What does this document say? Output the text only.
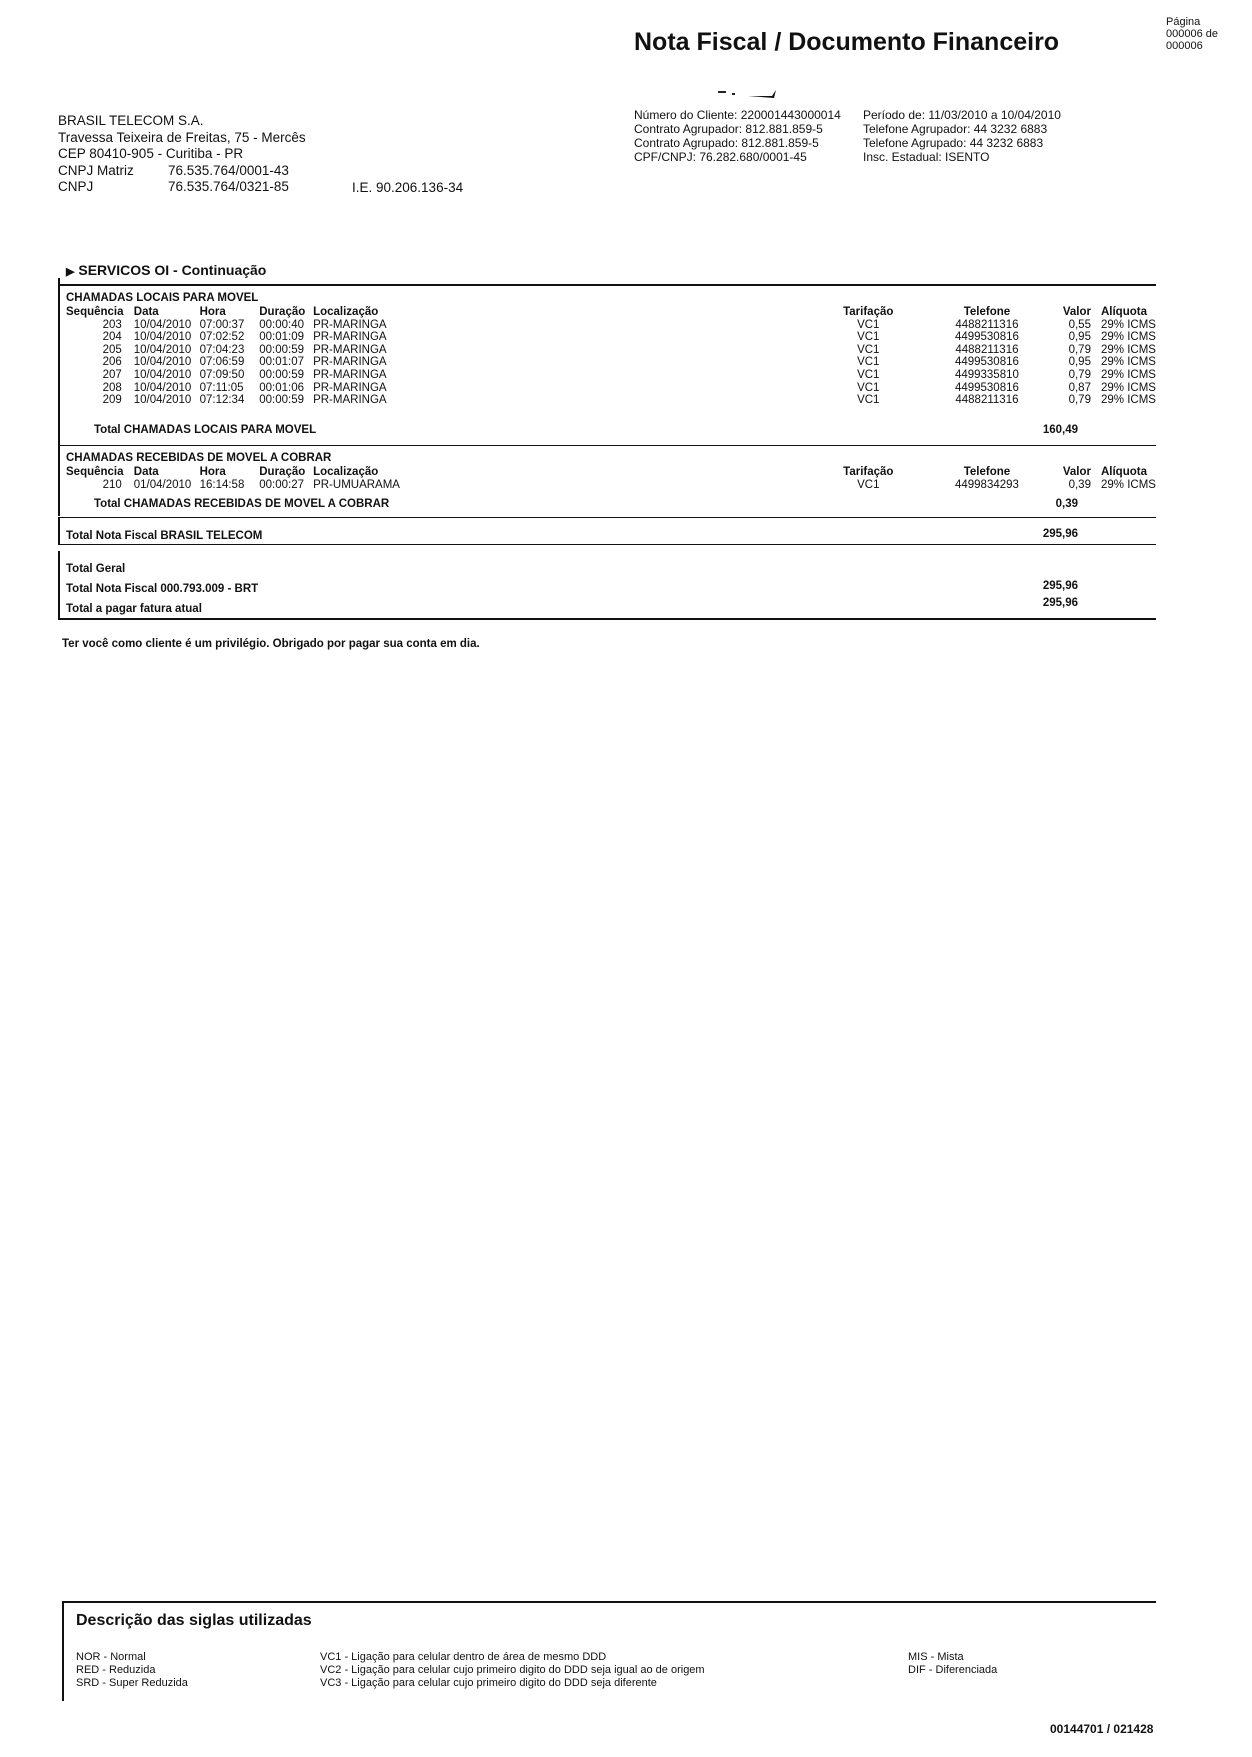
Nota Fiscal / Documento Financeiro
Página
000006 de
000006
BRASIL TELECOM S.A.
Travessa Teixeira de Freitas, 75 - Mercês
CEP 80410-905 - Curitiba - PR
CNPJ Matriz	76.535.764/0001-43
CNPJ	76.535.764/0321-85	I.E. 90.206.136-34
Número do Cliente: 220001443000014
Contrato Agrupador: 812.881.859-5
Contrato Agrupado: 812.881.859-5
CPF/CNPJ: 76.282.680/0001-45
Período de: 11/03/2010 a 10/04/2010
Telefone Agrupador: 44 3232 6883
Telefone Agrupado: 44 3232 6883
Insc. Estadual: ISENTO
▶ SERVICOS OI - Continuação
CHAMADAS LOCAIS PARA MOVEL
Sequência	Data	Hora	Duração	Localização	Tarifação	Telefone	Valor	Alíquota
203	10/04/2010	07:00:37	00:00:40	PR-MARINGA	VC1	4488211316	0,55	29% ICMS
204	10/04/2010	07:02:52	00:01:09	PR-MARINGA	VC1	4499530816	0,95	29% ICMS
205	10/04/2010	07:04:23	00:00:59	PR-MARINGA	VC1	4488211316	0,79	29% ICMS
206	10/04/2010	07:06:59	00:01:07	PR-MARINGA	VC1	4499530816	0,95	29% ICMS
207	10/04/2010	07:09:50	00:00:59	PR-MARINGA	VC1	4499335810	0,79	29% ICMS
208	10/04/2010	07:11:05	00:01:06	PR-MARINGA	VC1	4499530816	0,87	29% ICMS
209	10/04/2010	07:12:34	00:00:59	PR-MARINGA	VC1	4488211316	0,79	29% ICMS
Total CHAMADAS LOCAIS PARA MOVEL	160,49
CHAMADAS RECEBIDAS DE MOVEL A COBRAR
Sequência	Data	Hora	Duração	Localização	Tarifação	Telefone	Valor	Alíquota
210	01/04/2010	16:14:58	00:00:27	PR-UMUARAMA	VC1	4499834293	0,39	29% ICMS
Total CHAMADAS RECEBIDAS DE MOVEL A COBRAR	0,39
Total Nota Fiscal BRASIL TELECOM	295,96
Total Geral
Total Nota Fiscal 000.793.009 - BRT	295,96
Total a pagar fatura atual	295,96
Ter você como cliente é um privilégio. Obrigado por pagar sua conta em dia.
Descrição das siglas utilizadas
NOR - Normal
RED - Reduzida
SRD - Super Reduzida
VC1 - Ligação para celular dentro de área de mesmo DDD
VC2 - Ligação para celular cujo primeiro digito do DDD seja igual ao de origem
VC3 - Ligação para celular cujo primeiro digito do DDD seja diferente
MIS - Mista
DIF - Diferenciada
00144701 / 021428
